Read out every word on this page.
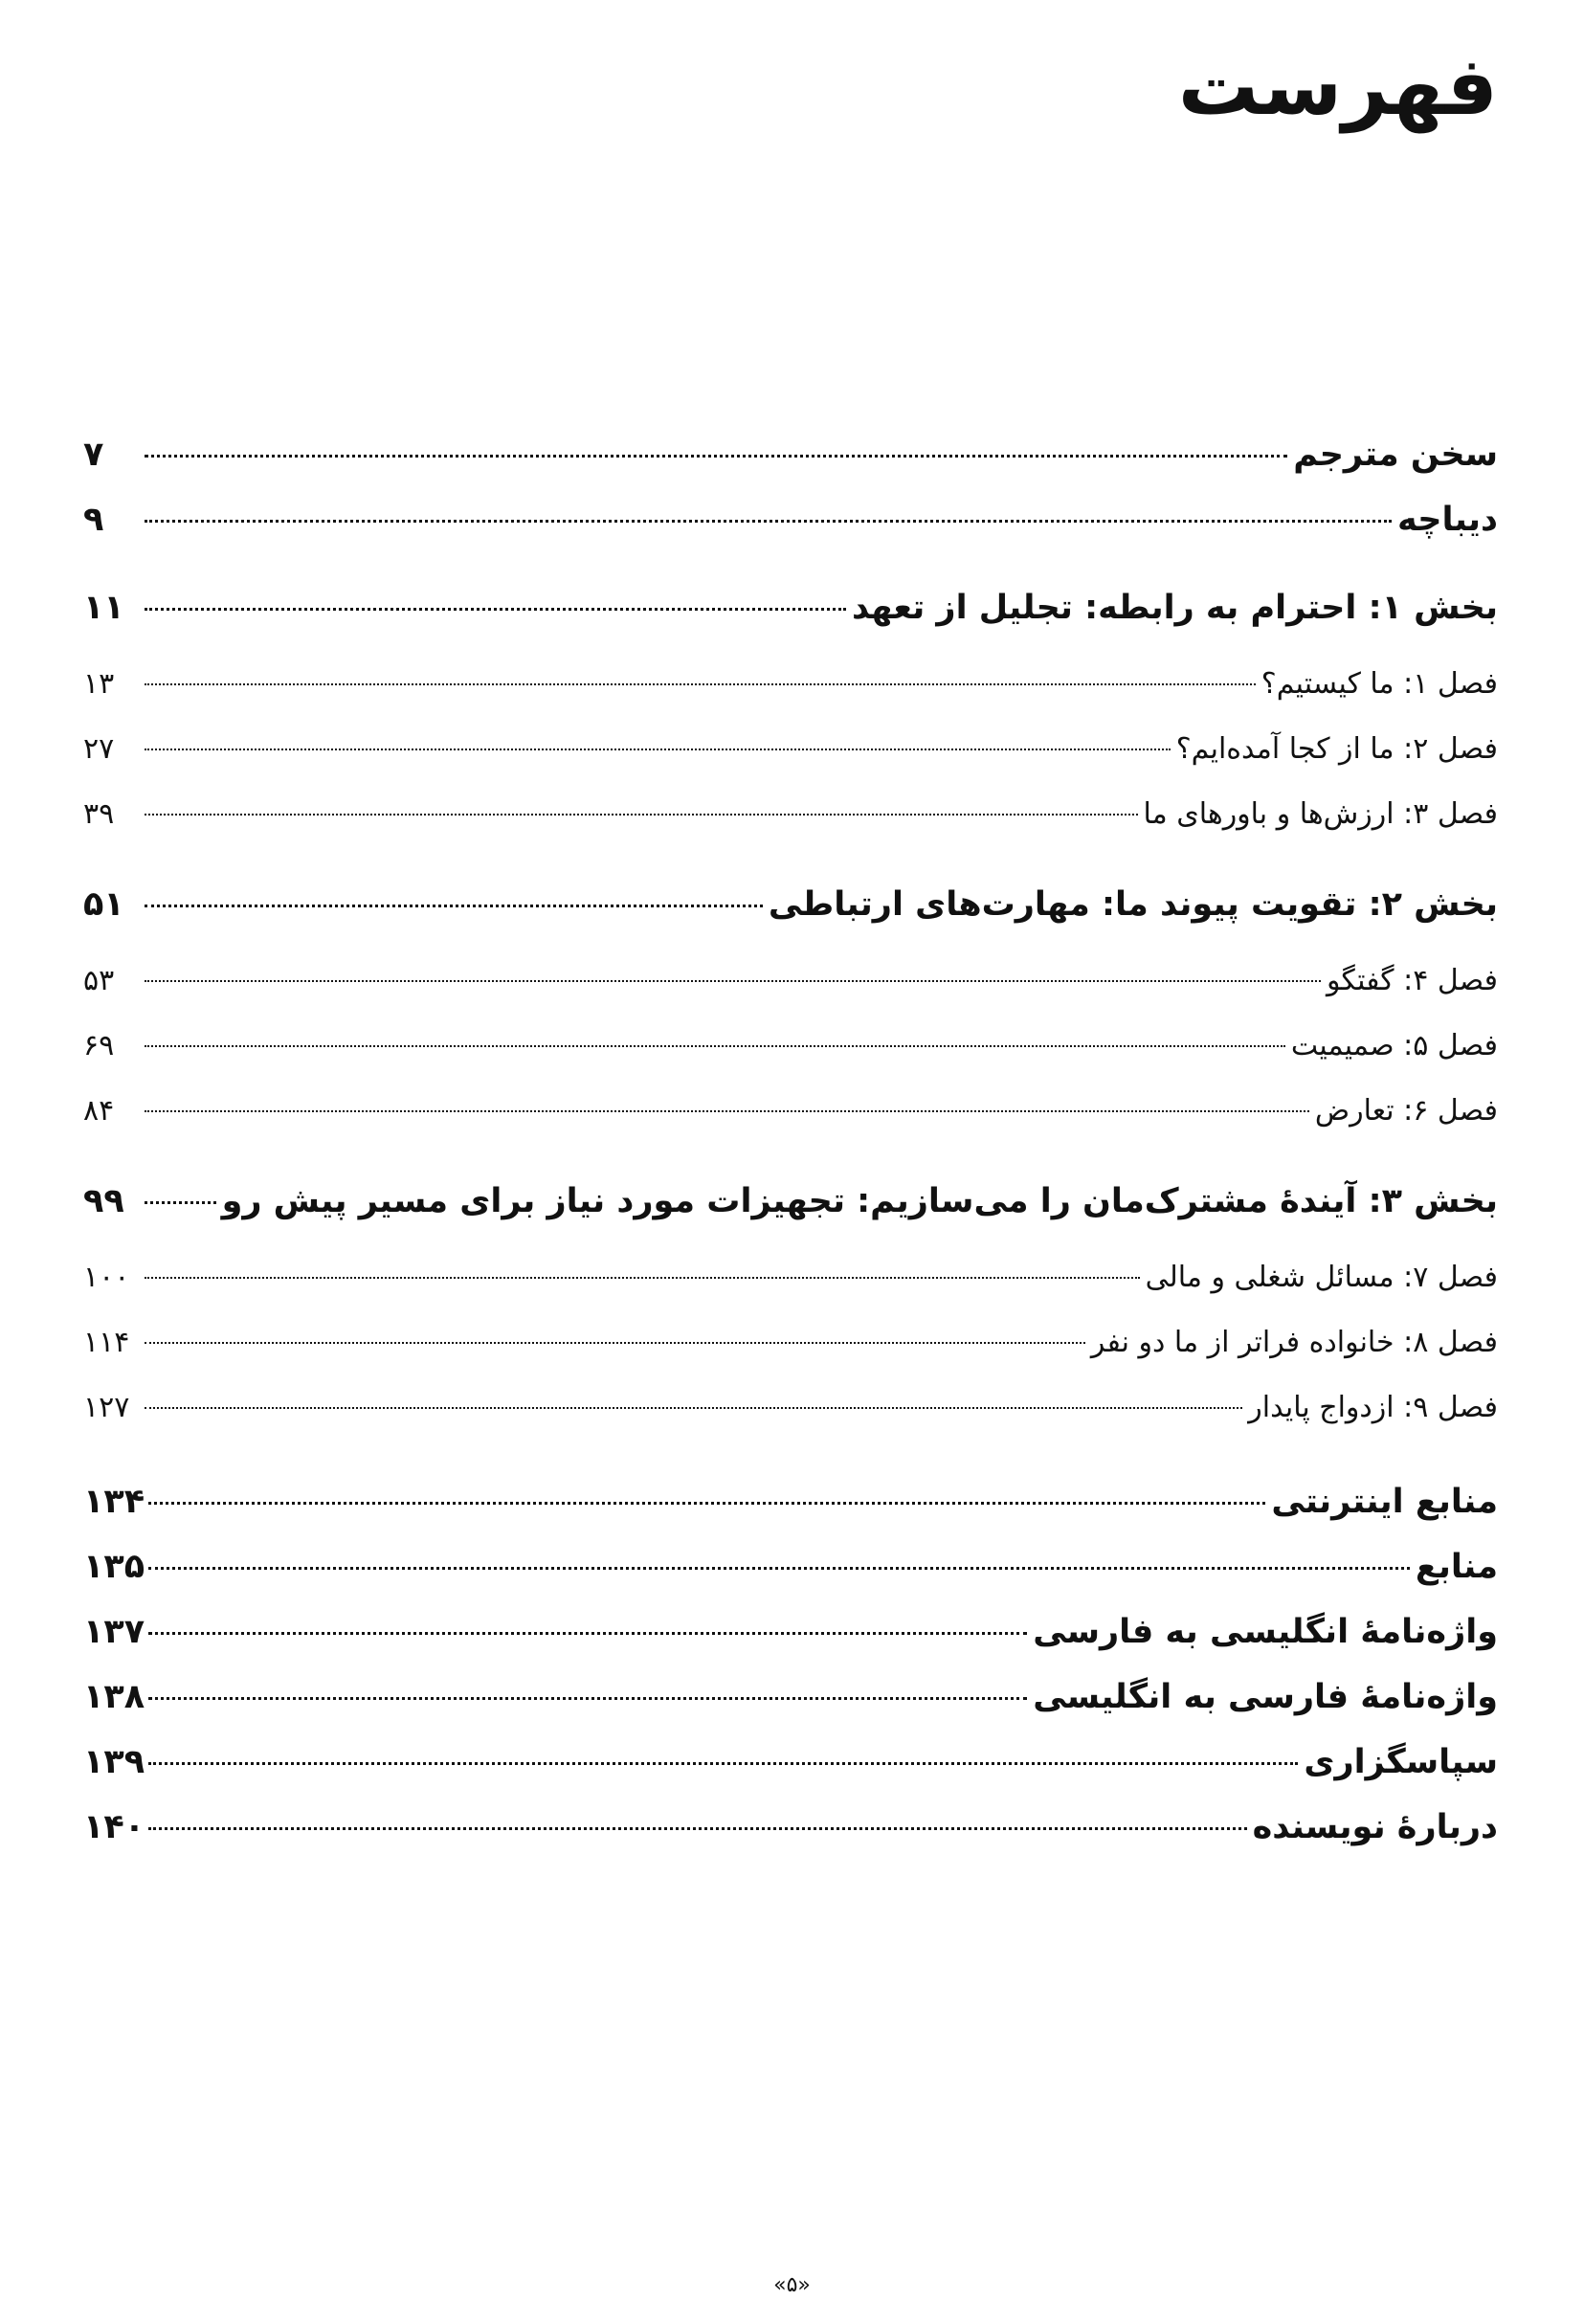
فهرست
سخن مترجم
۷
دیباچه
۹
بخش ۱: احترام به رابطه: تجلیل از تعهد
۱۱
فصل ۱: ما کیستیم؟
۱۳
فصل ۲: ما از کجا آمده‌ایم؟
۲۷
فصل ۳: ارزش‌ها و باورهای ما
۳۹
بخش ۲: تقویت پیوند ما: مهارت‌های ارتباطی
۵۱
فصل ۴: گفتگو
۵۳
فصل ۵: صمیمیت
۶۹
فصل ۶: تعارض
۸۴
بخش ۳: آیندهٔ مشترک‌مان را می‌سازیم: تجهیزات مورد نیاز برای مسیر پیش رو
۹۹
فصل ۷: مسائل شغلی و مالی
۱۰۰
فصل ۸: خانواده فراتر از ما دو نفر
۱۱۴
فصل ۹: ازدواج پایدار
۱۲۷
منابع اینترنتی
۱۳۴
منابع
۱۳۵
واژه‌نامهٔ انگلیسی به فارسی
۱۳۷
واژه‌نامهٔ فارسی به انگلیسی
۱۳۸
سپاسگزاری
۱۳۹
دربارهٔ نویسنده
۱۴۰
«۵»
